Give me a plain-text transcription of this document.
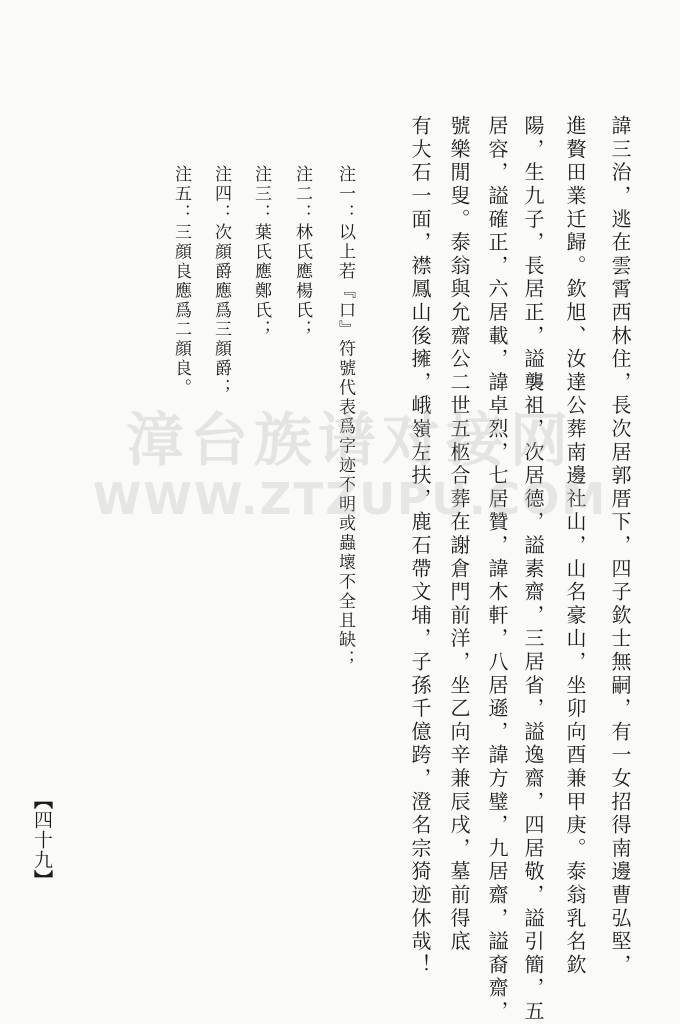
諱三治，逃在雲霄西林住，長次居郭厝下，四子欽士無嗣，有一女招得南邊曹弘堅，

進贅田業迁歸。欽旭、汝達公葬南邊社山，山名豪山，坐卯向酉兼甲庚。泰翁乳名欽

陽，生九子，長居正，謚襲祖，次居德，謚素齋，三居省，謚逸齋，四居敬，謚引簡，五

居容，謚確正，六居載，諱卓烈，七居贊，諱木軒，八居遜，諱方璧，九居齋，謚裔齋，

號樂閒叟。泰翁與允齋公二世五柩合葬在謝倉門前洋，坐乙向辛兼辰戌，墓前得底

有大石一面，襟鳳山後擁，峨嶺左扶，鹿石帶文埔，子孫千億跨，澄名宗猗迹休哉！

注一：以上若『口』符號代表爲字迹不明或蟲壞不全且缺；

注二：林氏應楊氏；

注三：葉氏應鄭氏；

注四：次顔爵應爲三顔爵；

注五：三顔良應爲二顔良。

漳台族谱对接网
WWW.ZTZUPU.COM
【四十九】
